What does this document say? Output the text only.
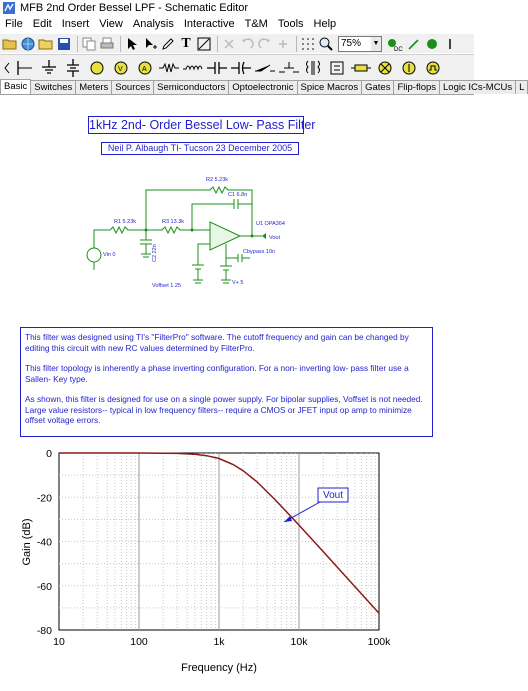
MFB 2nd Order Bessel LPF - Schematic Editor
File Edit Insert View Analysis Interactive T&M Tools Help
T	75% ▼
DC
V	A
Basic Switches Meters Sources Semiconductors Optoelectronic Spice Macros Gates Flip-flops Logic ICs-MCUs L
1kHz 2nd- Order Bessel Low- Pass Filter
Neil P. Albaugh TI- Tucson 23 December 2005
R2 5.23k
C1 6.8n
R1 5.23k	R3 13.3k	U1 OPA364
C2 22n
Vin 0
Vout
Cbypass 10n
Voffset 1.25	V+ 5

This filter was designed using TI's "FilterPro" software. The cutoff frequency and gain can be changed by editing this circuit with new RC values determined by FilterPro.

This filter topology is inherently a phase inverting configuration. For a non- inverting low- pass filter use a Sallen- Key type.

As shown, this filter is designed for use on a single power supply. For bipolar supplies, Voffset is not needed. Large value resistors-- typical in low frequency filters-- require a CMOS or JFET input op amp to minimize offset voltage errors.

10	100	1k	10k	100k
0
-20
-40
-60
-80
Frequency (Hz)
Gain (dB)
Vout
